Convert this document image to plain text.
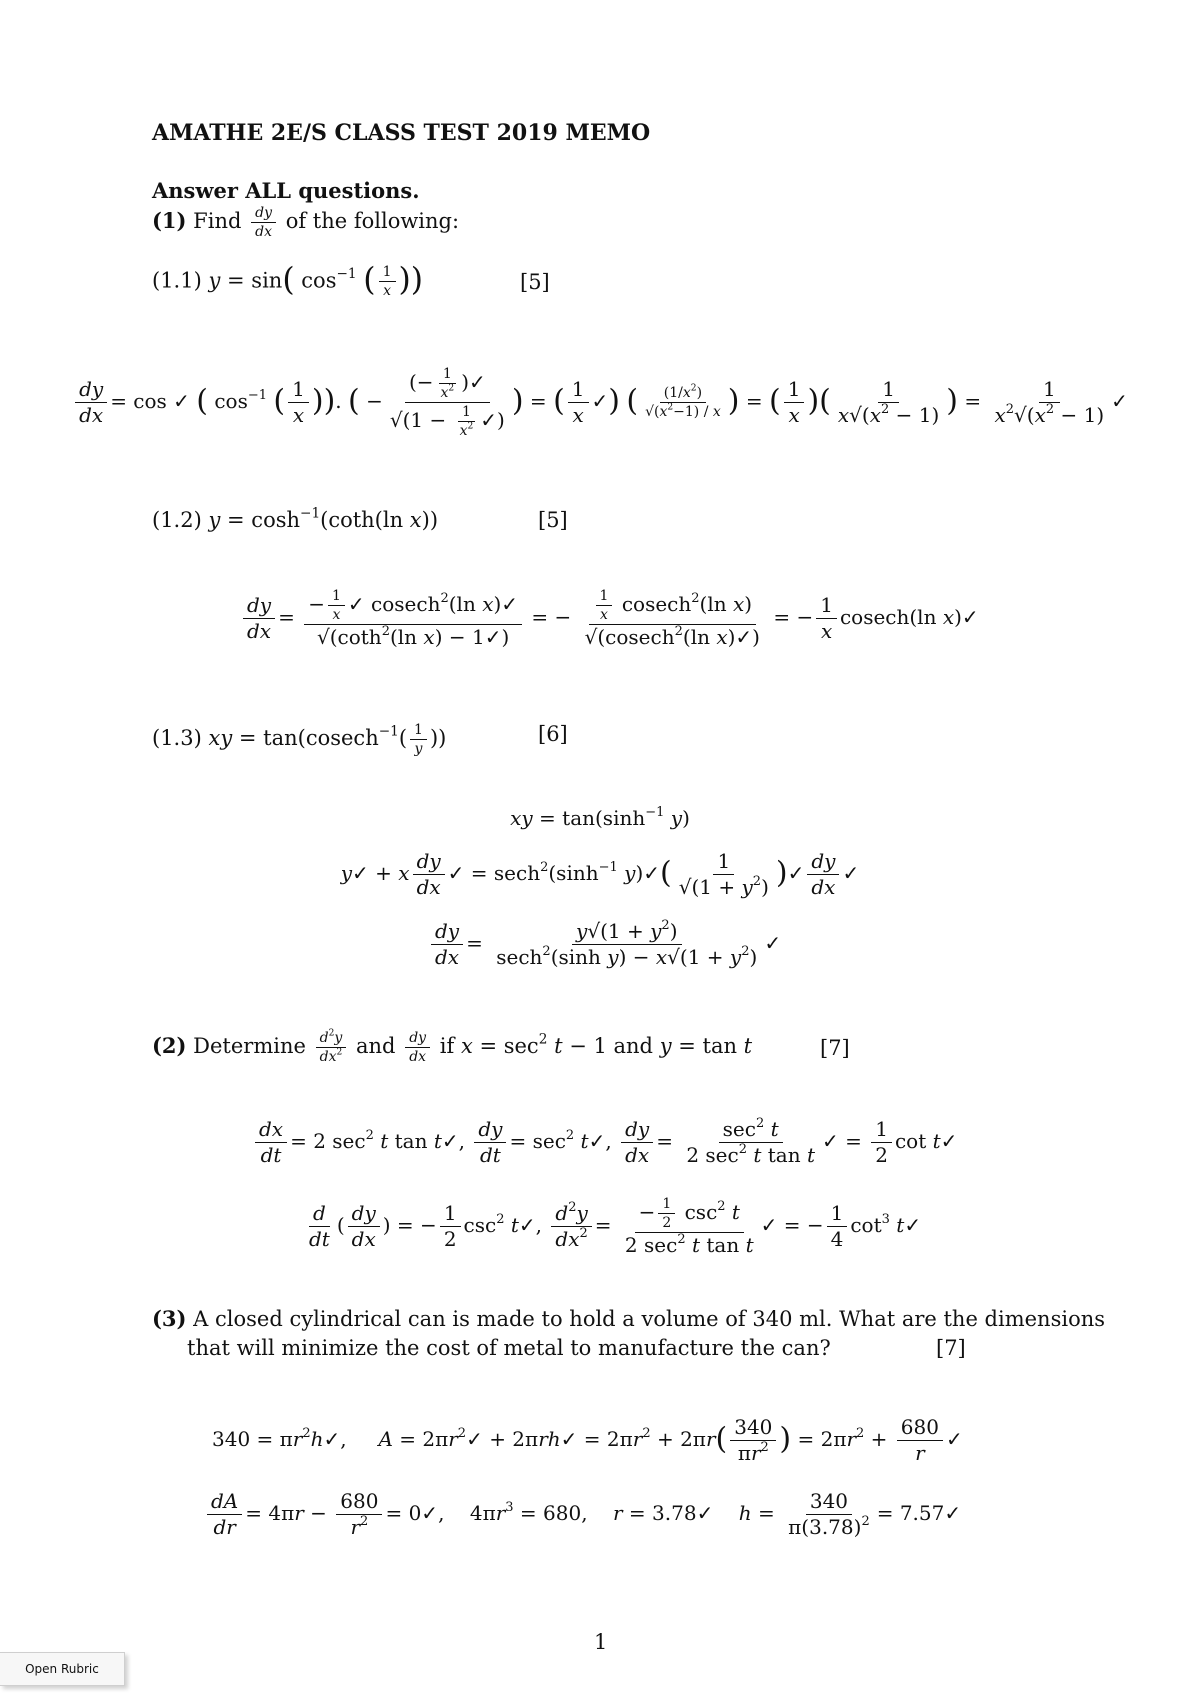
AMATHE 2E/S CLASS TEST 2019 MEMO
Answer ALL questions.
(1) Find $\frac{dy}{dx}$ of the following:
(1.1) y = sin( $\cos^{-1}$ ( $\frac{1}{x}$ ))	[5]
$\frac{dy}{dx} = \cos$ ✓ ( $\cos^{-1}$ ( $\frac{1}{x}$ )). ( − $\frac{(- \frac{1}{x^2} )✓}{√(1 - \frac{1}{x^2} ✓)}$ ) = ( $\frac{1}{x}$ ✓) ( $\frac{(1/x^2)}{√(x^2-1) / x}$ ) = ( $\frac{1}{x}$ )( $\frac{1}{x√(x^2 - 1)}$ ) = $\frac{1}{x^2√(x^2 - 1)}$ ✓
(1.2) $y = \cosh^{-1}(\cot h(\ln$ x))	[5]
$\frac{dy}{dx}$ =
− $\frac{1}{x}$ ✓ cosech$^2$(ln x)✓
√(coth$^2$(ln x) − 1✓)
= − $\frac{1}{x} cosech^2(\ln$ x)
√(cosech$^2$(ln x)✓)
= − $\frac{1}{x} cosech(\ln$ x)✓
(1.3) xy = $\tan(cosech^{-1}( \frac{1}{y}$ ))	[6]
xy = $\tan(\sinh^{-1}$ y)
y✓ + x $\frac{dy}{dx}$ ✓ = $\sec h^2(\sinh^{-1}$ y)✓( $\frac{1}{√(1 + y^2)}$ )✓ $\frac{dy}{dx}$ ✓
$\frac{dy}{dx}$ =	$y√(1 + y^2)$
sech$^2$(sinh $y) - x√(1 + y^2)$
✓
(2) Determine $\frac{d^2y}{dx^2}$ and $\frac{dy}{dx}$ if $x = \sec^2 t - 1$ and y = tan t	[7]
$\frac{dx}{dt} = 2$ $\sec^2 t$ tan t✓, $\frac{dy}{dt} = \sec^2$ t✓, $\frac{dy}{dx} = \sec^2 t$
2 $\sec^2 t$ tan t
✓ = $\frac{1}{2}$ cot t✓
$\frac{d}{dt}$ ( $\frac{dy}{dx}$ ) = − $\frac{1}{2} \csc^2$ t✓, $\frac{d^2y}{dx^2}$ =
− $\frac{1}{2} \csc^2 t$
2 $\sec^2 t$ tan t
✓ = − $\frac{1}{4} \cot^3$ t✓
(3) A closed cylindrical can is made to hold a volume of 340 ml. What are the dimensions
that will minimize the cost of metal to manufacture the can?	[7]
$340 = \pi r^2h✓$,     $A = 2\pi r^2✓$ + 2πrh✓ = $2\pi r^2 + 2\pi r( \frac{340}{\pi r^2}$ ) = $2\pi r^2 + \frac{680}{r}$ ✓
$\frac{dA}{dr} = 4\pi r - \frac{680}{r^2}$ = 0✓,    $4\pi r^3 = 680$,    r = 3.78✓    $h = \frac{340}{\pi(3.78)^2}$ = 7.57✓
1
Open Rubric
